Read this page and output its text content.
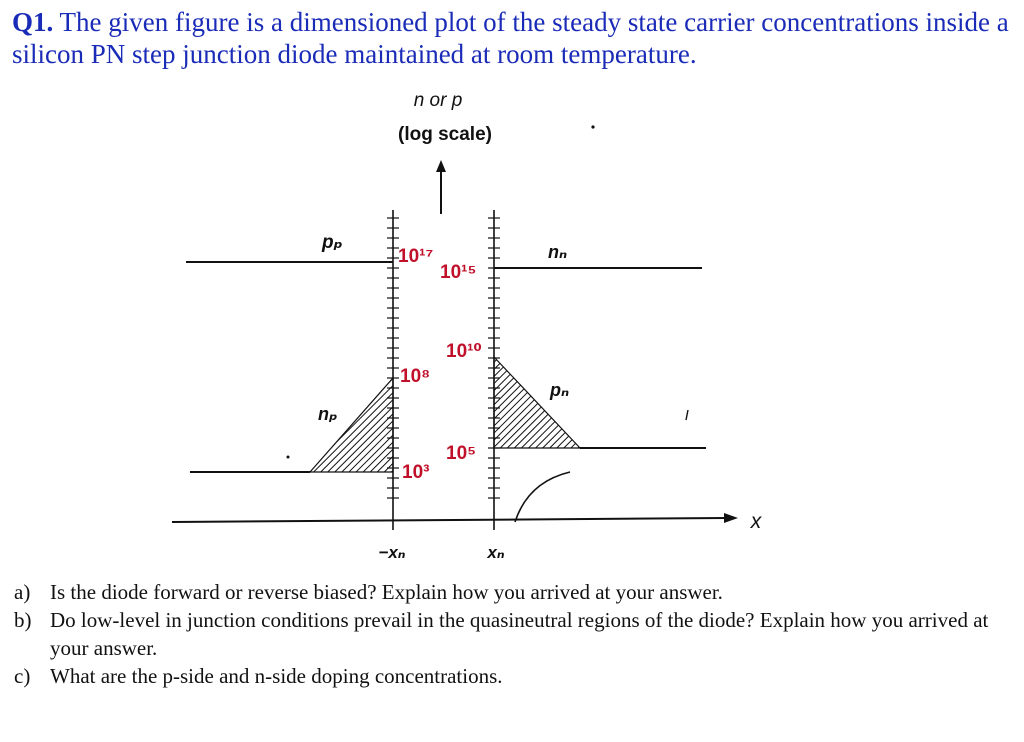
Q1. The given figure is a dimensioned plot of the steady state carrier concentrations inside a silicon PN step junction diode maintained at room temperature.
n or p
(log scale)
x
pₚ
nₚ
nₙ
pₙ
10¹⁷
10¹⁵
10¹⁰
10⁸
10⁵
10³
−xₙ	xₙ
a) Is the diode forward or reverse biased? Explain how you arrived at your answer.
b) Do low-level in junction conditions prevail in the quasineutral regions of the diode? Explain how you arrived at your answer.
c) What are the p-side and n-side doping concentrations.
